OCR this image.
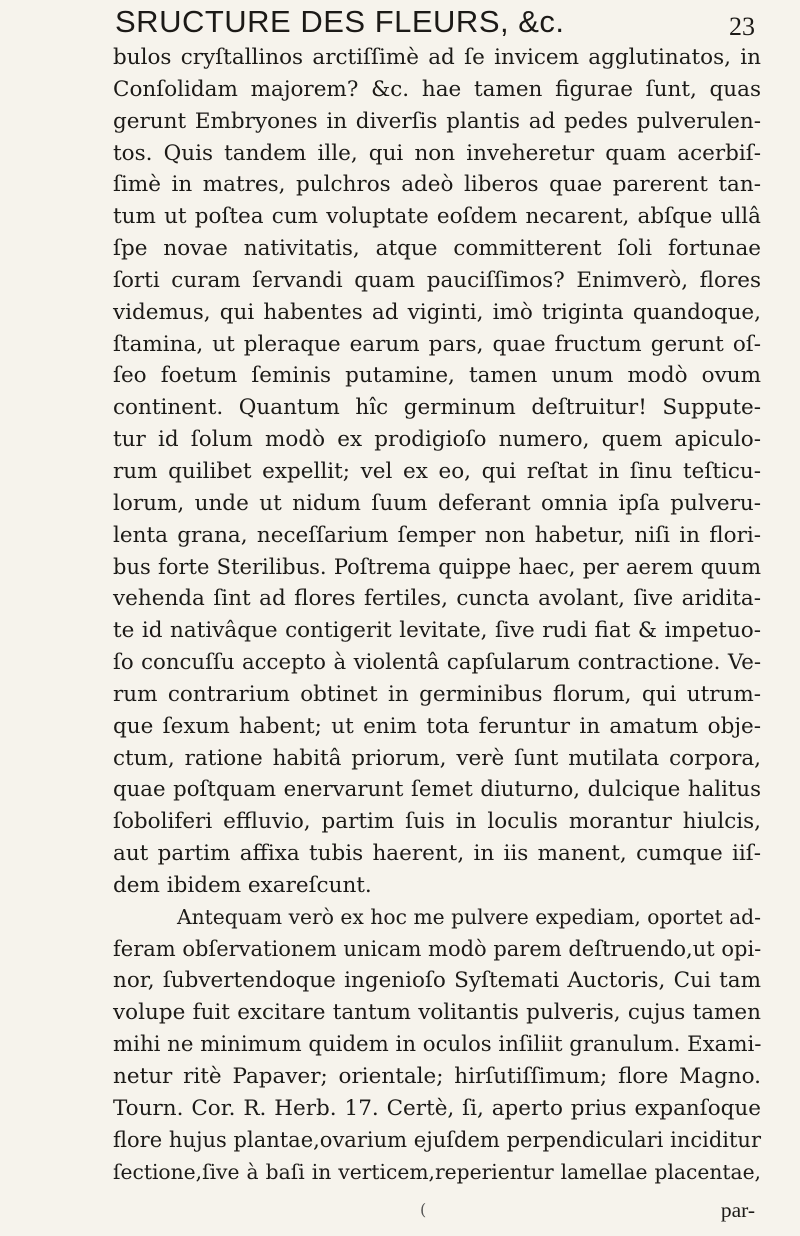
SRUCTURE DES FLEURS, &c.	23
bulos cryſtallinos arctiſſimè ad ſe invicem agglutinatos, in
Conſolidam majorem? &c. hae tamen figurae ſunt, quas
gerunt Embryones in diverſis plantis ad pedes pulverulen-
tos. Quis tandem ille, qui non inveheretur quam acerbiſ-
ſimè in matres, pulchros adeò liberos quae parerent tan-
tum ut poſtea cum voluptate eoſdem necarent, abſque ullâ
ſpe novae nativitatis, atque committerent ſoli fortunae
ſorti curam ſervandi quam pauciſſimos? Enimverò, flores
videmus, qui habentes ad viginti, imò triginta quandoque,
ſtamina, ut pleraque earum pars, quae fructum gerunt oſ-
ſeo foetum ſeminis putamine, tamen unum modò ovum
continent. Quantum hîc germinum deſtruitur! Suppute-
tur id ſolum modò ex prodigioſo numero, quem apiculo-
rum quilibet expellit; vel ex eo, qui reſtat in ſinu teſticu-
lorum, unde ut nidum ſuum deferant omnia ipſa pulveru-
lenta grana, neceſſarium ſemper non habetur, niſi in flori-
bus forte Sterilibus. Poſtrema quippe haec, per aerem quum
vehenda ſint ad flores fertiles, cuncta avolant, ſive aridita-
te id nativâque contigerit levitate, ſive rudi fiat & impetuo-
ſo concuſſu accepto à violentâ capſularum contractione. Ve-
rum contrarium obtinet in germinibus florum, qui utrum-
que ſexum habent; ut enim tota feruntur in amatum obje-
ctum, ratione habitâ priorum, verè ſunt mutilata corpora,
quae poſtquam enervarunt ſemet diuturno, dulcique halitus
ſoboliferi effluvio, partim ſuis in loculis morantur hiulcis,
aut partim affixa tubis haerent, in iis manent, cumque iiſ-
dem ibidem exareſcunt.
Antequam verò ex hoc me pulvere expediam, oportet ad-
feram obſervationem unicam modò parem deſtruendo,ut opi-
nor, ſubvertendoque ingenioſo Syſtemati Auctoris, Cui tam
volupe fuit excitare tantum volitantis pulveris, cujus tamen
mihi ne minimum quidem in oculos inſiliit granulum. Exami-
netur ritè Papaver; orientale; hirſutiſſimum; flore Magno.
Tourn. Cor. R. Herb. 17. Certè, ſi, aperto prius expanſoque
flore hujus plantae,ovarium ejuſdem perpendiculari inciditur
ſectione,ſive à baſi in verticem,reperientur lamellae placentae,
(	par-
